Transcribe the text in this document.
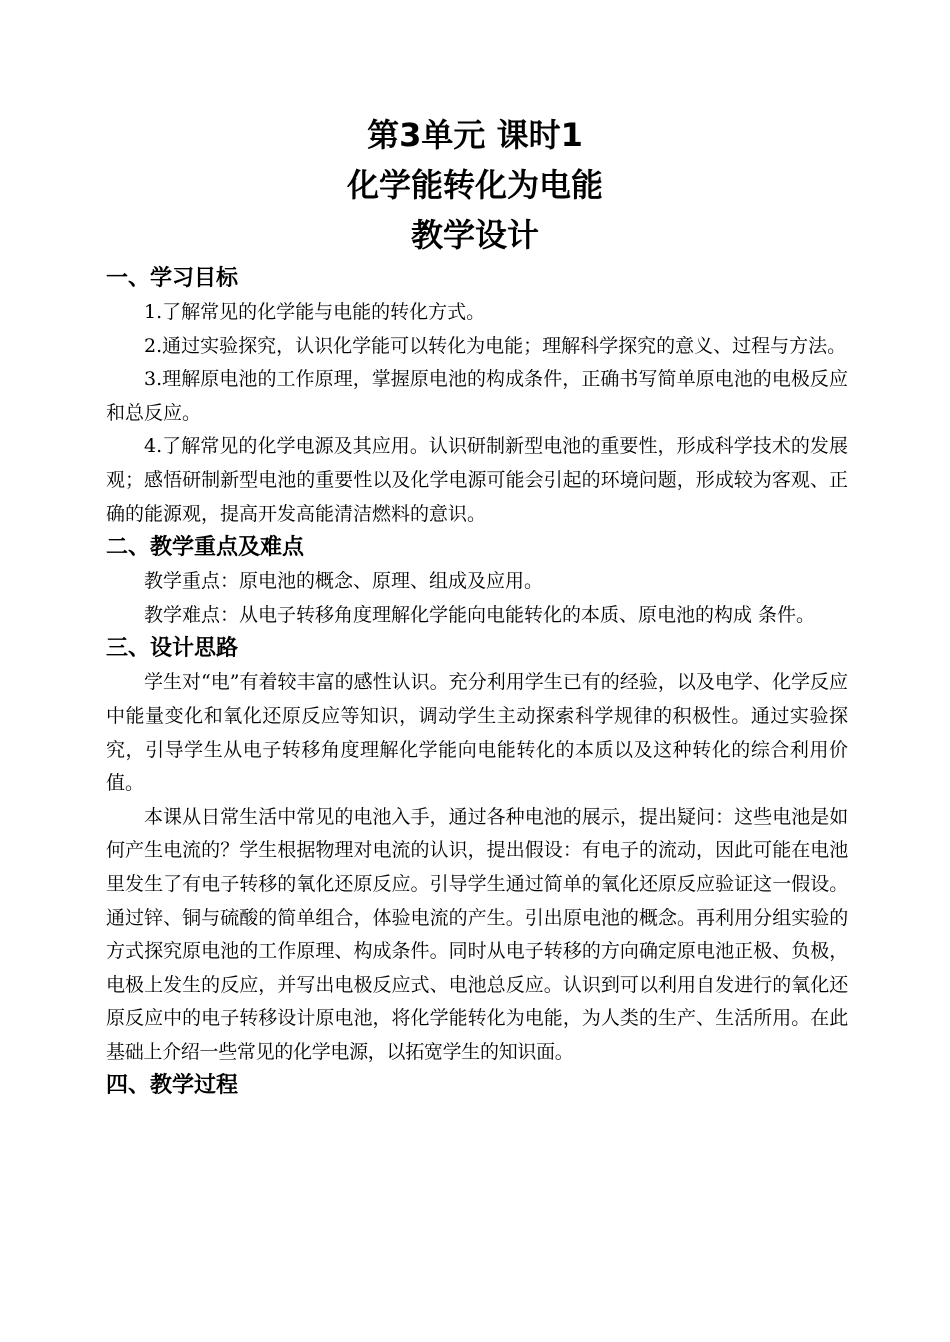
第3单元 课时1
化学能转化为电能
教学设计
一、学习目标

1.了解常见的化学能与电能的转化方式。

2.通过实验探究，认识化学能可以转化为电能；理解科学探究的意义、过程与方法。

3.理解原电池的工作原理，掌握原电池的构成条件，正确书写简单原电池的电极反应和总反应。

4.了解常见的化学电源及其应用。认识研制新型电池的重要性，形成科学技术的发展观；感悟研制新型电池的重要性以及化学电源可能会引起的环境问题，形成较为客观、正确的能源观，提高开发高能清洁燃料的意识。

二、教学重点及难点

教学重点：原电池的概念、原理、组成及应用。

教学难点：从电子转移角度理解化学能向电能转化的本质、原电池的构成 条件。

三、设计思路

学生对“电”有着较丰富的感性认识。充分利用学生已有的经验，以及电学、化学反应中能量变化和氧化还原反应等知识，调动学生主动探索科学规律的积极性。通过实验探究，引导学生从电子转移角度理解化学能向电能转化的本质以及这种转化的综合利用价值。

本课从日常生活中常见的电池入手，通过各种电池的展示，提出疑问：这些电池是如何产生电流的？学生根据物理对电流的认识，提出假设：有电子的流动，因此可能在电池里发生了有电子转移的氧化还原反应。引导学生通过简单的氧化还原反应验证这一假设。通过锌、铜与硫酸的简单组合，体验电流的产生。引出原电池的概念。再利用分组实验的方式探究原电池的工作原理、构成条件。同时从电子转移的方向确定原电池正极、负极，电极上发生的反应，并写出电极反应式、电池总反应。认识到可以利用自发进行的氧化还原反应中的电子转移设计原电池，将化学能转化为电能，为人类的生产、生活所用。在此基础上介绍一些常见的化学电源，以拓宽学生的知识面。

四、教学过程
